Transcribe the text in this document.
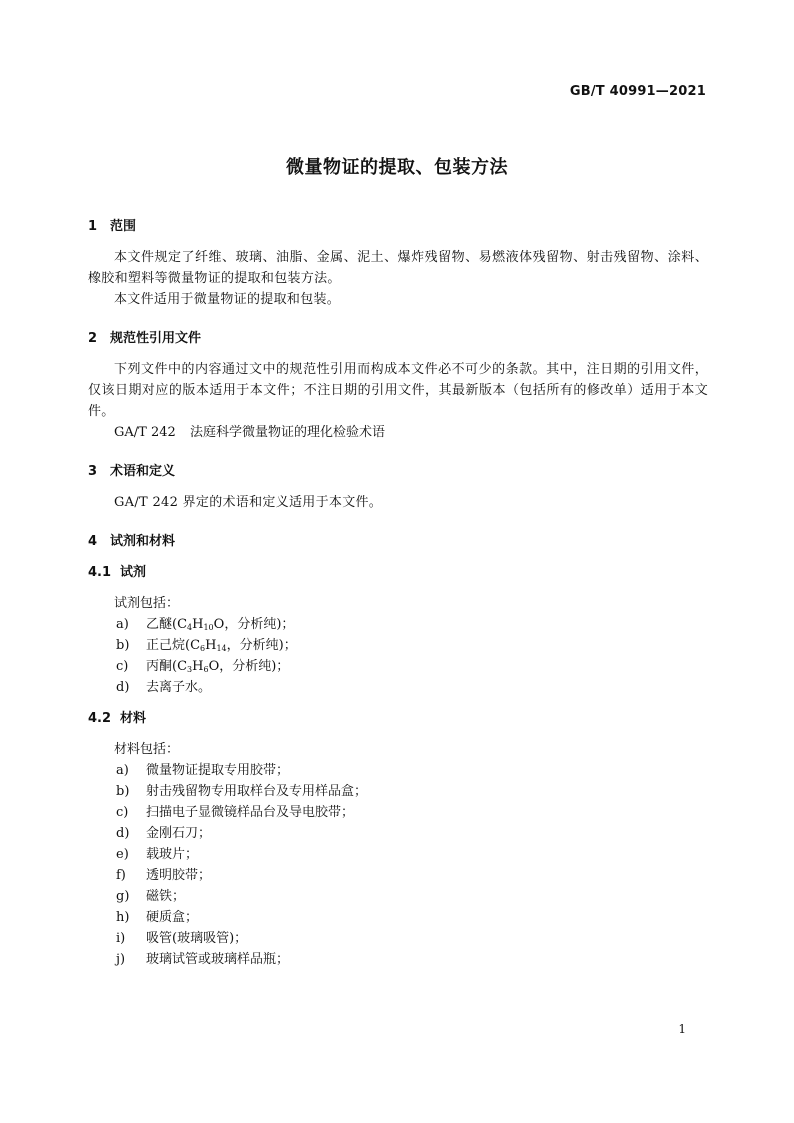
GB/T 40991—2021
微量物证的提取、包装方法
1 范围
本文件规定了纤维、玻璃、油脂、金属、泥土、爆炸残留物、易燃液体残留物、射击残留物、涂料、橡胶和塑料等微量物证的提取和包装方法。
本文件适用于微量物证的提取和包装。
2 规范性引用文件
下列文件中的内容通过文中的规范性引用而构成本文件必不可少的条款。其中，注日期的引用文件，仅该日期对应的版本适用于本文件；不注日期的引用文件，其最新版本（包括所有的修改单）适用于本文件。
GA/T 242 法庭科学微量物证的理化检验术语
3 术语和定义
GA/T 242 界定的术语和定义适用于本文件。
4 试剂和材料
4.1 试剂
试剂包括：
a)	乙醚($C_4H_{10}O$，分析纯)；
b)	正己烷($C_6H_{14}$，分析纯)；
c)	丙酮($C_3H_6O$，分析纯)；
d)	去离子水。
4.2 材料
材料包括：
a)	微量物证提取专用胶带；
b)	射击残留物专用取样台及专用样品盒；
c)	扫描电子显微镜样品台及导电胶带；
d)	金刚石刀；
e)	载玻片；
f)	透明胶带；
g)	磁铁；
h)	硬质盒；
i)	吸管(玻璃吸管)；
j)	玻璃试管或玻璃样品瓶；
1
